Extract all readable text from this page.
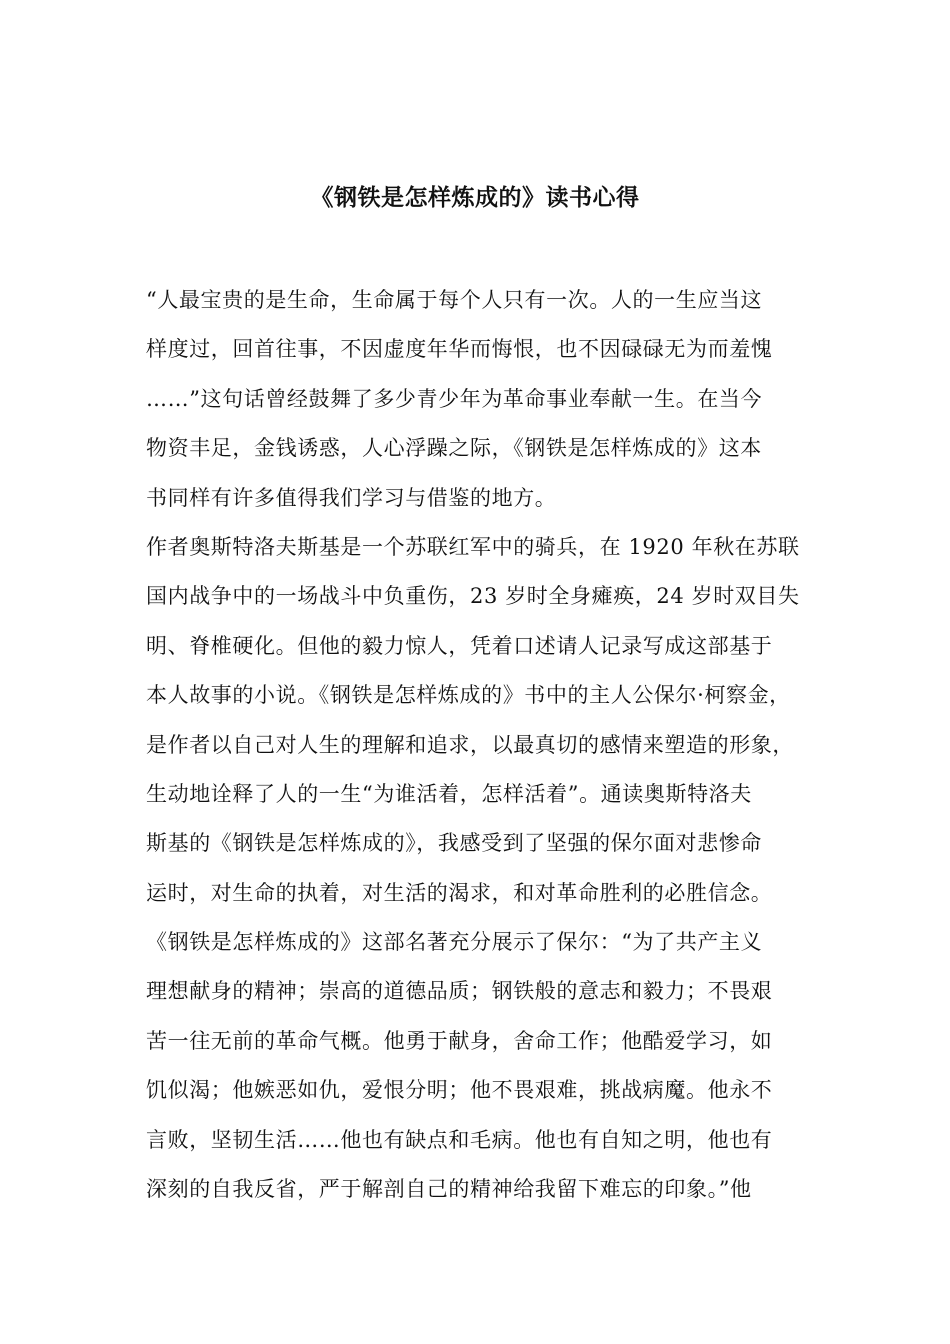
《钢铁是怎样炼成的》读书心得
“人最宝贵的是生命，生命属于每个人只有一次。人的一生应当这
样度过，回首往事，不因虚度年华而悔恨，也不因碌碌无为而羞愧
……”这句话曾经鼓舞了多少青少年为革命事业奉献一生。在当今
物资丰足，金钱诱惑，人心浮躁之际，《钢铁是怎样炼成的》这本
书同样有许多值得我们学习与借鉴的地方。
作者奥斯特洛夫斯基是一个苏联红军中的骑兵，在 1920 年秋在苏联
国内战争中的一场战斗中负重伤，23 岁时全身瘫痪，24 岁时双目失
明、脊椎硬化。但他的毅力惊人，凭着口述请人记录写成这部基于
本人故事的小说。《钢铁是怎样炼成的》书中的主人公保尔·柯察金，
是作者以自己对人生的理解和追求，以最真切的感情来塑造的形象，
生动地诠释了人的一生“为谁活着，怎样活着”。通读奥斯特洛夫
斯基的《钢铁是怎样炼成的》，我感受到了坚强的保尔面对悲惨命
运时，对生命的执着，对生活的渴求，和对革命胜利的必胜信念。
《钢铁是怎样炼成的》这部名著充分展示了保尔：“为了共产主义
理想献身的精神；崇高的道德品质；钢铁般的意志和毅力；不畏艰
苦一往无前的革命气概。他勇于献身，舍命工作；他酷爱学习，如
饥似渴；他嫉恶如仇，爱恨分明；他不畏艰难，挑战病魔。他永不
言败，坚韧生活……他也有缺点和毛病。他也有自知之明，他也有
深刻的自我反省，严于解剖自己的精神给我留下难忘的印象。”他
